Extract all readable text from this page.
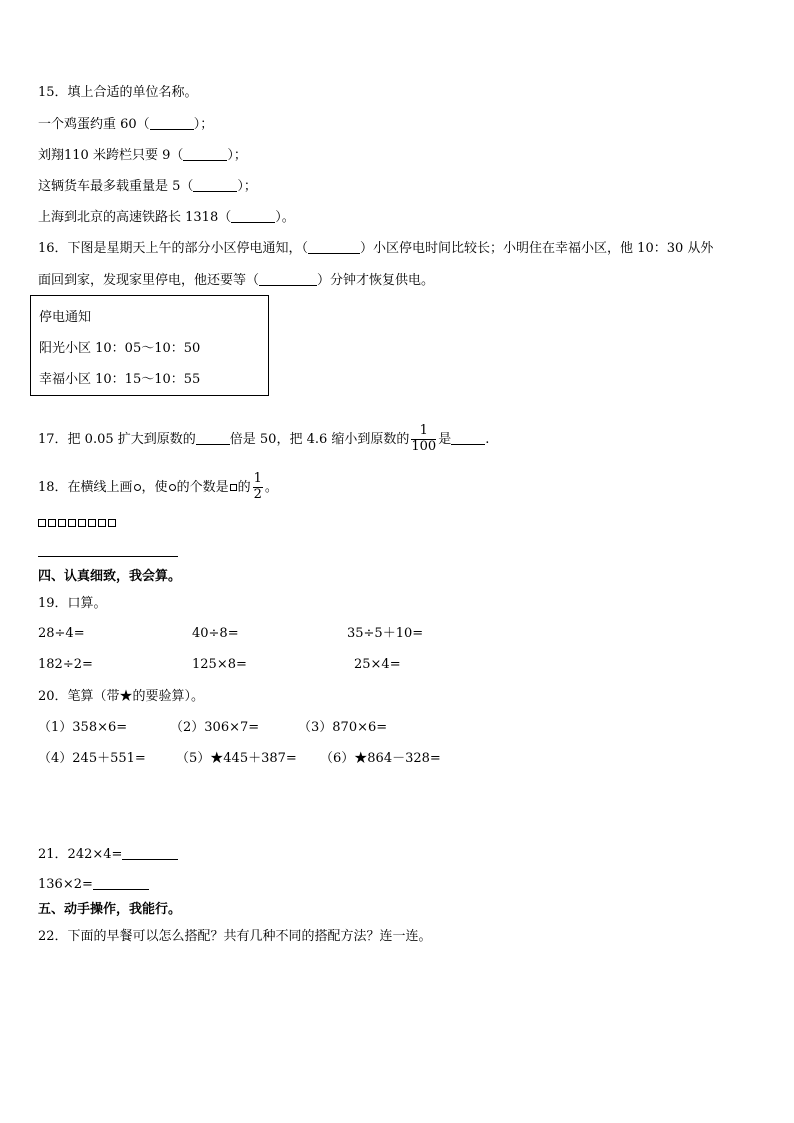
15．填上合适的单位名称。
一个鸡蛋约重 60（	）；
刘翔110 米跨栏只要 9（	）；
这辆货车最多载重量是 5（	）；
上海到北京的高速铁路长 1318（	）。
16．下图是星期天上午的部分小区停电通知，（	）小区停电时间比较长；小明住在幸福小区，他 10：30 从外
面回到家，发现家里停电，他还要等（	）分钟才恢复供电。
停电通知
阳光小区 10：05～10：50
幸福小区 10：15～10：55
17．把 0.05 扩大到原数的	倍是 50，把 4.6 缩小到原数的 $\frac{1}{100}$ 是	.
18．在横线上画 ，使 的个数是 的 $\frac{1}{2}$ 。
四、认真细致，我会算。
19．口算。
28÷4=	40÷8=	35÷5＋10=
182÷2=	125×8=	25×4=
20．笔算（带★的要验算）。
（1）358×6=	（2）306×7=	（3）870×6=
（4）245＋551= （5）★445＋387= （6）★864－328=
21．242×4=
136×2=
五、动手操作，我能行。
22．下面的早餐可以怎么搭配？共有几种不同的搭配方法？连一连。
